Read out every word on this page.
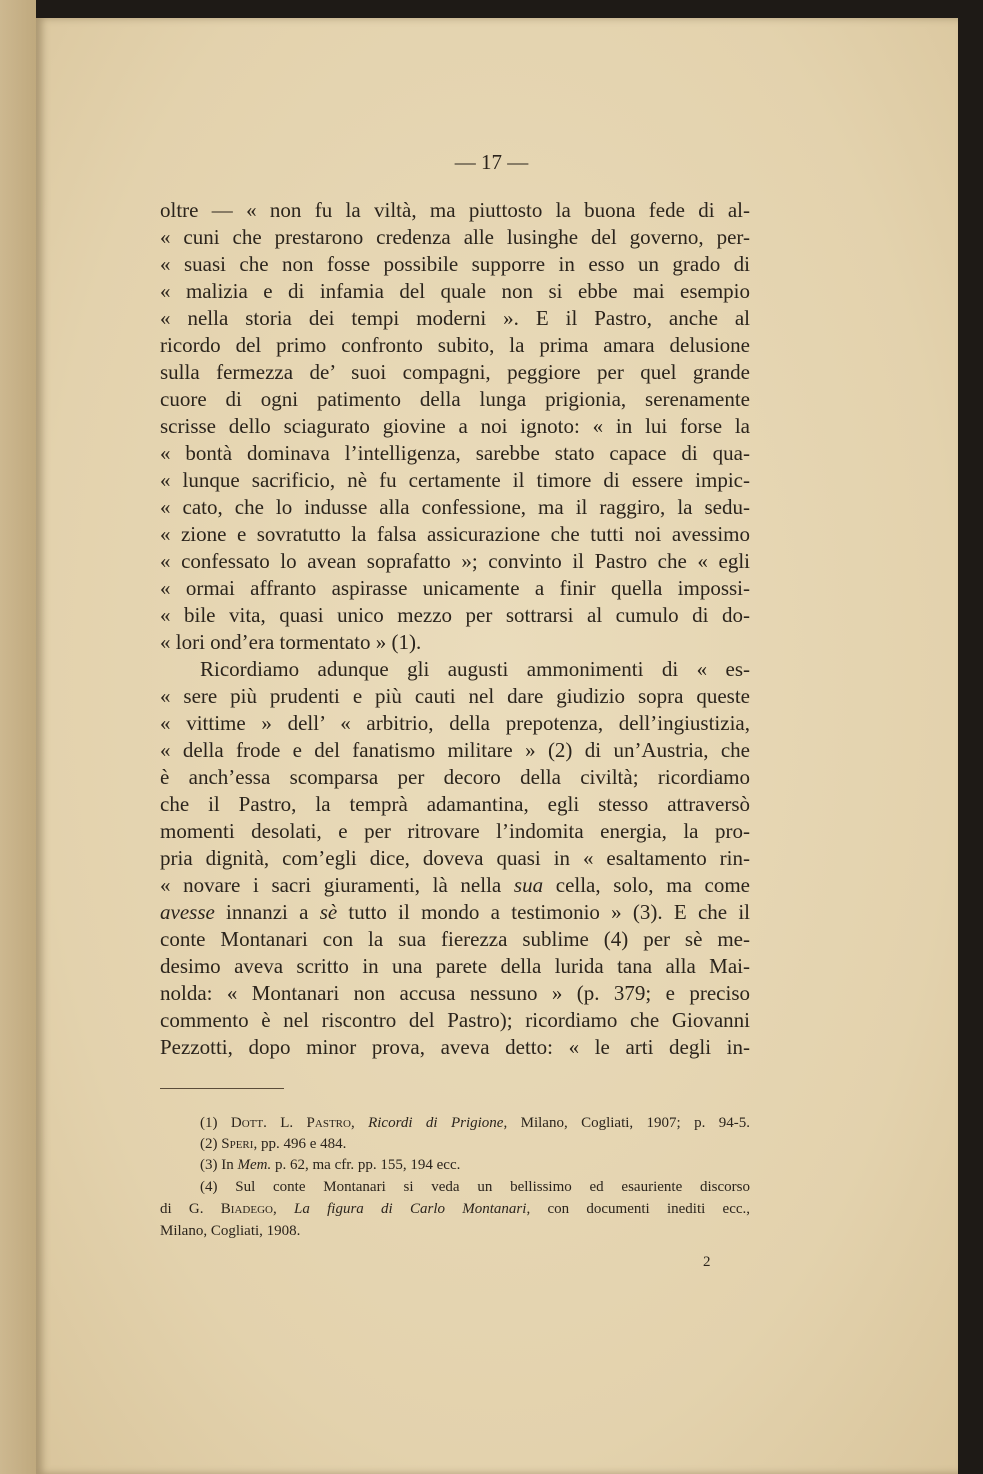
— 17 —
oltre — « non fu la viltà, ma piuttosto la buona fede di al-
« cuni che prestarono credenza alle lusinghe del governo, per-
« suasi che non fosse possibile supporre in esso un grado di
« malizia e di infamia del quale non si ebbe mai esempio
« nella storia dei tempi moderni ». E il Pastro, anche al
ricordo del primo confronto subito, la prima amara delusione
sulla fermezza de’ suoi compagni, peggiore per quel grande
cuore di ogni patimento della lunga prigionia, serenamente
scrisse dello sciagurato giovine a noi ignoto: « in lui forse la
« bontà dominava l’intelligenza, sarebbe stato capace di qua-
« lunque sacrificio, nè fu certamente il timore di essere impic-
« cato, che lo indusse alla confessione, ma il raggiro, la sedu-
« zione e sovratutto la falsa assicurazione che tutti noi avessimo
« confessato lo avean soprafatto »; convinto il Pastro che « egli
« ormai affranto aspirasse unicamente a finir quella impossi-
« bile vita, quasi unico mezzo per sottrarsi al cumulo di do-
« lori ond’era tormentato » (1).
Ricordiamo adunque gli augusti ammonimenti di « es-
« sere più prudenti e più cauti nel dare giudizio sopra queste
« vittime » dell’ « arbitrio, della prepotenza, dell’ingiustizia,
« della frode e del fanatismo militare » (2) di un’Austria, che
è anch’essa scomparsa per decoro della civiltà; ricordiamo
che il Pastro, la temprà adamantina, egli stesso attraversò
momenti desolati, e per ritrovare l’indomita energia, la pro-
pria dignità, com’egli dice, doveva quasi in « esaltamento rin-
« novare i sacri giuramenti, là nella sua cella, solo, ma come
avesse innanzi a sè tutto il mondo a testimonio » (3). E che il
conte Montanari con la sua fierezza sublime (4) per sè me-
desimo aveva scritto in una parete della lurida tana alla Mai-
nolda: « Montanari non accusa nessuno » (p. 379; e preciso
commento è nel riscontro del Pastro); ricordiamo che Giovanni
Pezzotti, dopo minor prova, aveva detto: « le arti degli in-
(1) Dott. L. Pastro, Ricordi di Prigione, Milano, Cogliati, 1907; p. 94-5.
(2) Speri, pp. 496 e 484.
(3) In Mem. p. 62, ma cfr. pp. 155, 194 ecc.
(4) Sul conte Montanari si veda un bellissimo ed esauriente discorso
di G. Biadego, La figura di Carlo Montanari, con documenti inediti ecc.,
Milano, Cogliati, 1908.
2
